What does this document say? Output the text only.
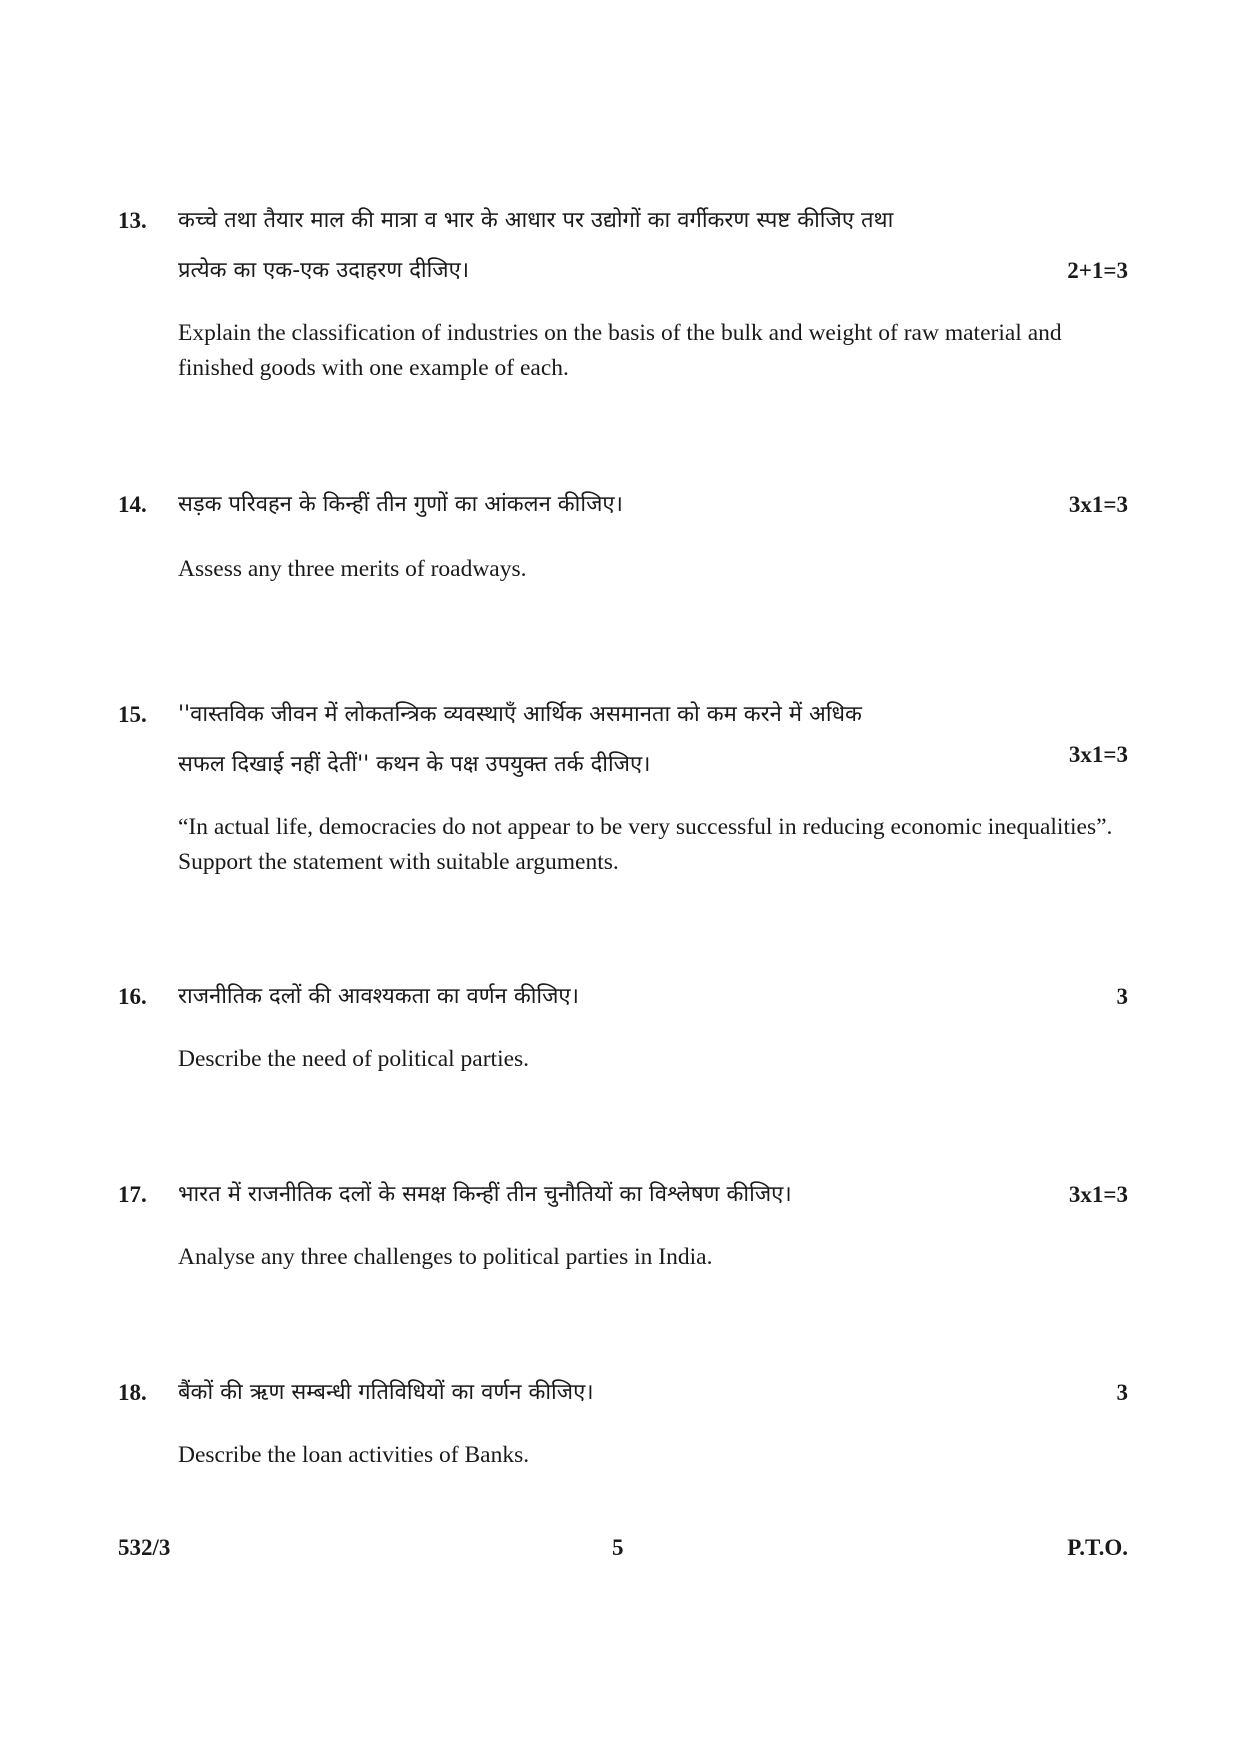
13. कच्चे तथा तैयार माल की मात्रा व भार के आधार पर उद्योगों का वर्गीकरण स्पष्ट कीजिए तथा
प्रत्येक का एक-एक उदाहरण दीजिए।	2+1=3
Explain the classification of industries on the basis of the bulk and weight of raw material and finished goods with one example of each.
14. सड़क परिवहन के किन्हीं तीन गुणों का आंकलन कीजिए।	3x1=3
Assess any three merits of roadways.
15. ''वास्तविक जीवन में लोकतन्त्रिक व्यवस्थाएँ आर्थिक असमानता को कम करने में अधिक
सफल दिखाई नहीं देतीं'' कथन के पक्ष उपयुक्त तर्क दीजिए।	3x1=3
“In actual life, democracies do not appear to be very successful in reducing economic inequalities”. Support the statement with suitable arguments.
16. राजनीतिक दलों की आवश्यकता का वर्णन कीजिए।	3
Describe the need of political parties.
17. भारत में राजनीतिक दलों के समक्ष किन्हीं तीन चुनौतियों का विश्लेषण कीजिए।	3x1=3
Analyse any three challenges to political parties in India.
18. बैंकों की ऋण सम्बन्धी गतिविधियों का वर्णन कीजिए।	3
Describe the loan activities of Banks.
532/3	5	P.T.O.
